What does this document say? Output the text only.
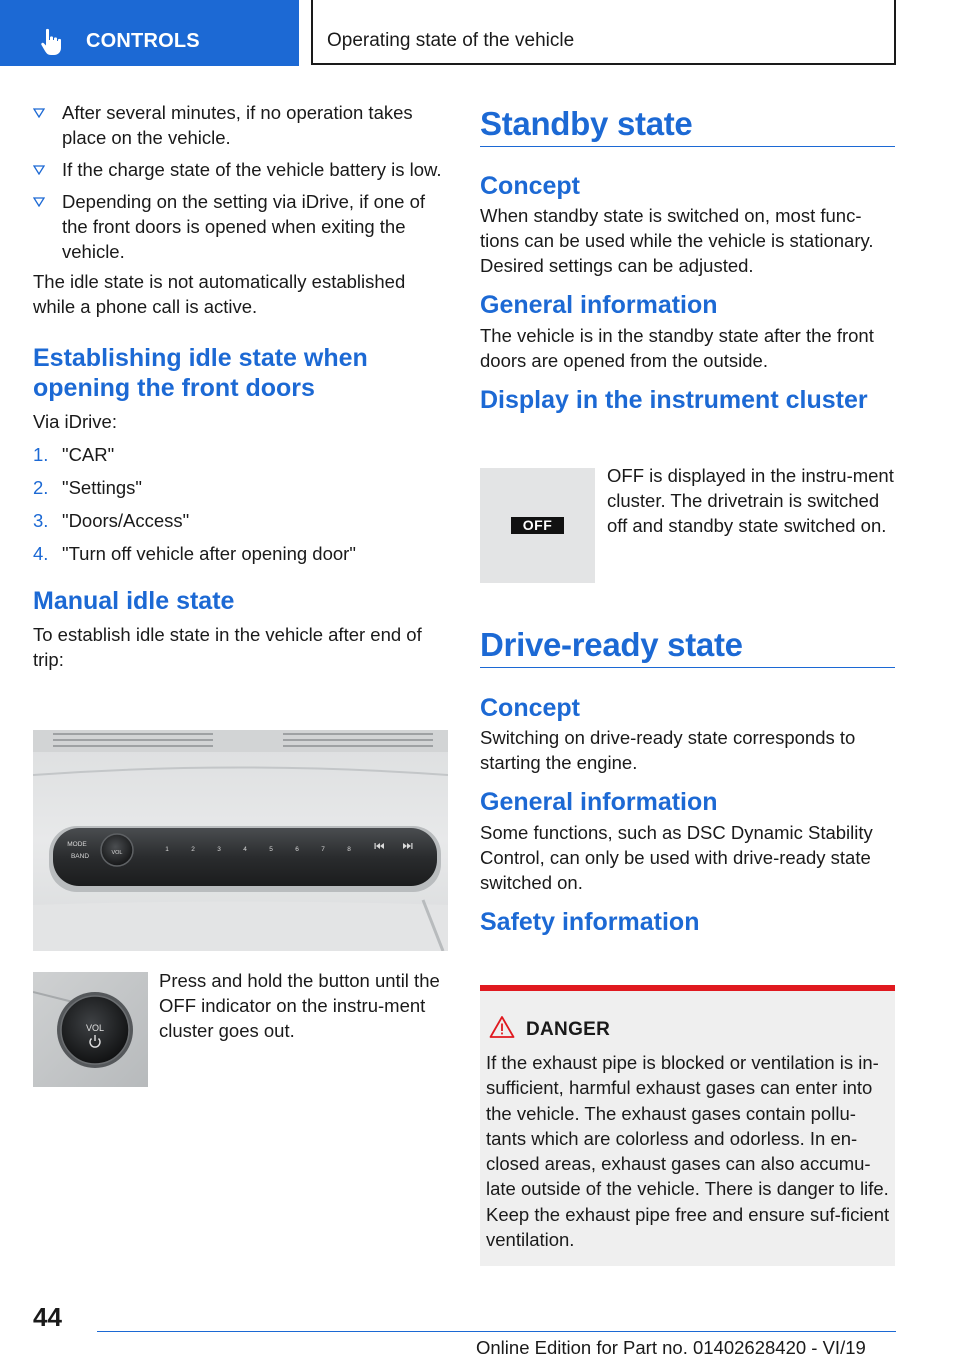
CONTROLS	Operating state of the vehicle
After several minutes, if no operation takes place on the vehicle.
If the charge state of the vehicle battery is low.
Depending on the setting via iDrive, if one of the front doors is opened when exiting the vehicle.

The idle state is not automatically established while a phone call is active.

Establishing idle state when opening the front doors

Via iDrive:

1. "CAR"
2. "Settings"
3. "Doors/Access"
4. "Turn off vehicle after opening door"
Manual idle state

To establish idle state in the vehicle after end of trip:

MODE
BAND	VOL	1	2	3	4	5	6	7	8
VOL

Press and hold the button until the OFF indicator on the instru-ment cluster goes out.

Standby state
Concept

When standby state is switched on, most func-tions can be used while the vehicle is stationary. Desired settings can be adjusted.

General information

The vehicle is in the standby state after the front doors are opened from the outside.

Display in the instrument cluster
OFF

OFF is displayed in the instru-ment cluster. The drivetrain is switched off and standby state switched on.

Drive-ready state
Concept

Switching on drive-ready state corresponds to starting the engine.

General information

Some functions, such as DSC Dynamic Stability Control, can only be used with drive-ready state switched on.

Safety information
DANGER

If the exhaust pipe is blocked or ventilation is in-sufficient, harmful exhaust gases can enter into the vehicle. The exhaust gases contain pollu-tants which are colorless and odorless. In en-closed areas, exhaust gases can also accumu-late outside of the vehicle. There is danger to life. Keep the exhaust pipe free and ensure suf-ficient ventilation.

44
Online Edition for Part no. 01402628420 - VI/19
